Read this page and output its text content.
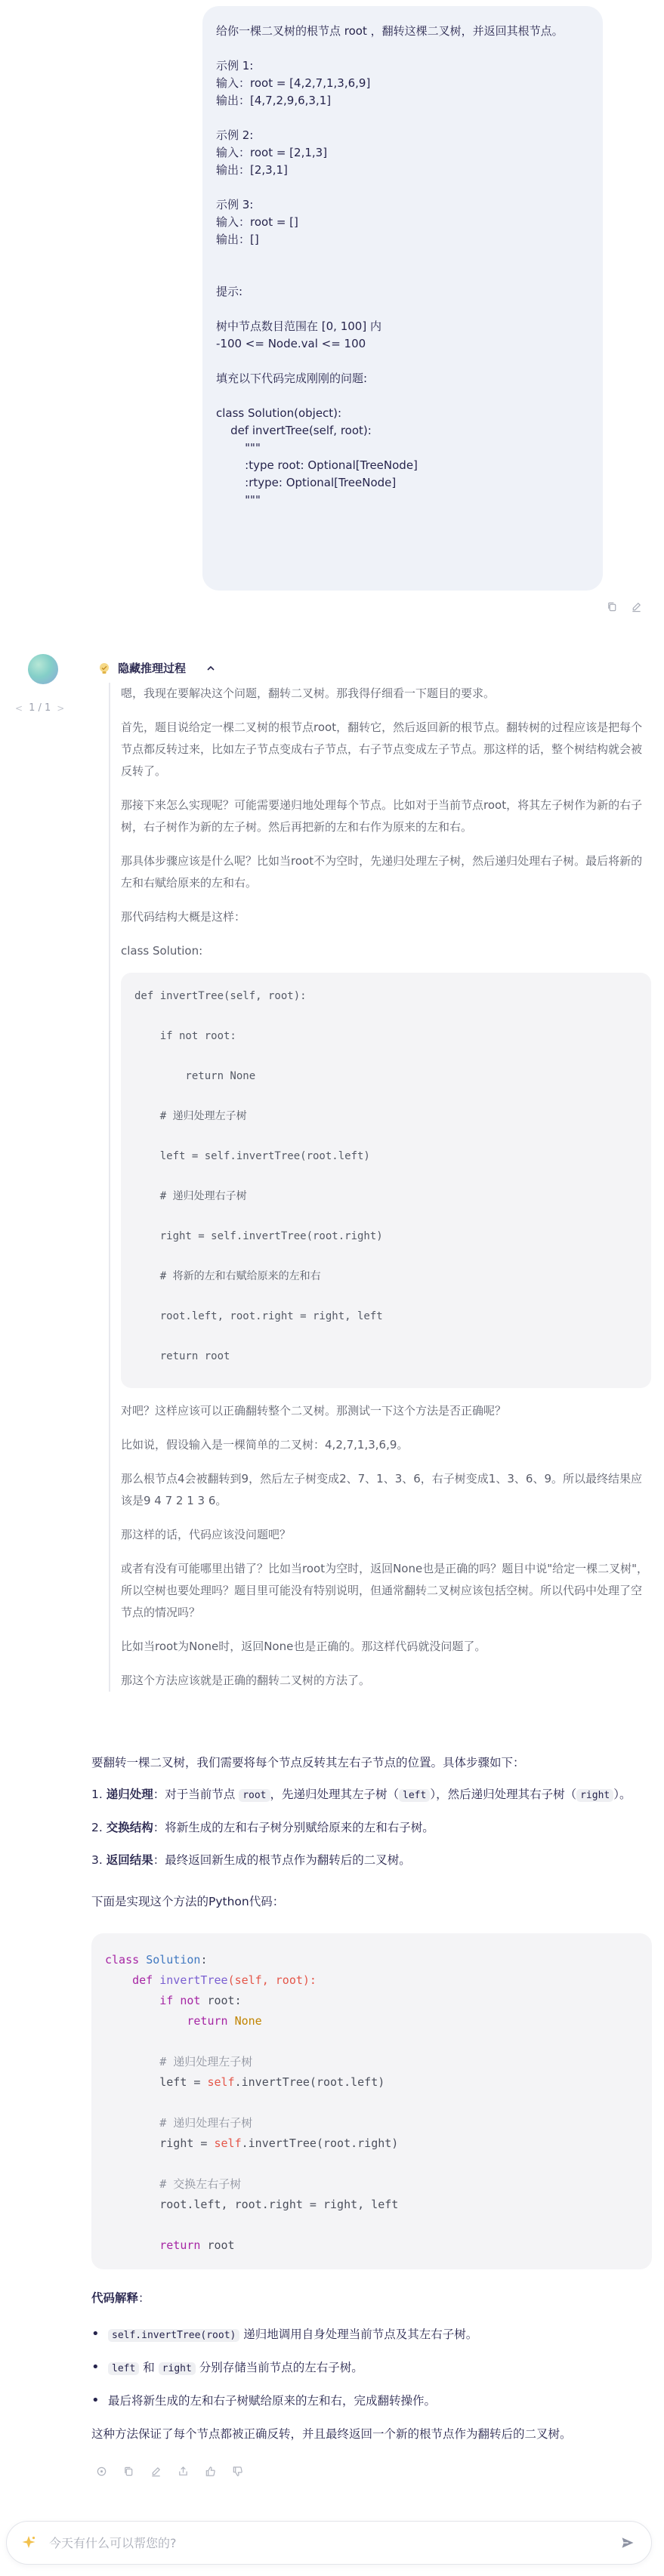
给你一棵二叉树的根节点 root ，翻转这棵二叉树，并返回其根节点。
示例 1:
输入：root = [4,2,7,1,3,6,9]
输出：[4,7,2,9,6,3,1]
示例 2:
输入：root = [2,1,3]
输出：[2,3,1]
示例 3:
输入：root = []
输出：[]
提示:
树中节点数目范围在 [0, 100] 内
-100 <= Node.val <= 100
填充以下代码完成刚刚的问题:
class Solution(object):
def invertTree(self, root):
"""
:type root: Optional[TreeNode]
:rtype: Optional[TreeNode]
"""
< 1 / 1 >
隐藏推理过程
嗯，我现在要解决这个问题，翻转二叉树。那我得仔细看一下题目的要求。
首先，题目说给定一棵二叉树的根节点root，翻转它，然后返回新的根节点。翻转树的过程应该是把每个节点都反转过来，比如左子节点变成右子节点，右子节点变成左子节点。那这样的话，整个树结构就会被反转了。
那接下来怎么实现呢？可能需要递归地处理每个节点。比如对于当前节点root，将其左子树作为新的右子树，右子树作为新的左子树。然后再把新的左和右作为原来的左和右。
那具体步骤应该是什么呢？比如当root不为空时，先递归处理左子树，然后递归处理右子树。最后将新的左和右赋给原来的左和右。
那代码结构大概是这样：
class Solution:
def invertTree(self, root):
if not root:
return None
# 递归处理左子树
left = self.invertTree(root.left)
# 递归处理右子树
right = self.invertTree(root.right)
# 将新的左和右赋给原来的左和右
root.left, root.right = right, left
return root
对吧？这样应该可以正确翻转整个二叉树。那测试一下这个方法是否正确呢？
比如说，假设输入是一棵简单的二叉树：4,2,7,1,3,6,9。
那么根节点4会被翻转到9，然后左子树变成2、7、1、3、6，右子树变成1、3、6、9。所以最终结果应该是9 4 7 2 1 3 6。
那这样的话，代码应该没问题吧？
或者有没有可能哪里出错了？比如当root为空时，返回None也是正确的吗？题目中说"给定一棵二叉树"，所以空树也要处理吗？题目里可能没有特别说明，但通常翻转二叉树应该包括空树。所以代码中处理了空节点的情况吗？
比如当root为None时，返回None也是正确的。那这样代码就没问题了。
那这个方法应该就是正确的翻转二叉树的方法了。
要翻转一棵二叉树，我们需要将每个节点反转其左右子节点的位置。具体步骤如下：
1. 递归处理：对于当前节点 root ，先递归处理其左子树（ left ），然后递归处理其右子树（ right ）。
2. 交换结构：将新生成的左和右子树分别赋给原来的左和右子树。
3. 返回结果：最终返回新生成的根节点作为翻转后的二叉树。
下面是实现这个方法的Python代码：
class Solution:
def invertTree(self, root):
if not root:
return None
# 递归处理左子树
left = self.invertTree(root.left)
# 递归处理右子树
right = self.invertTree(root.right)
# 交换左右子树
root.left, root.right = right, left
return root
代码解释：
•	self.invertTree(root) 递归地调用自身处理当前节点及其左右子树。
•	left 和 right 分别存储当前节点的左右子树。
• 最后将新生成的左和右子树赋给原来的左和右，完成翻转操作。
这种方法保证了每个节点都被正确反转，并且最终返回一个新的根节点作为翻转后的二叉树。
今天有什么可以帮您的?
